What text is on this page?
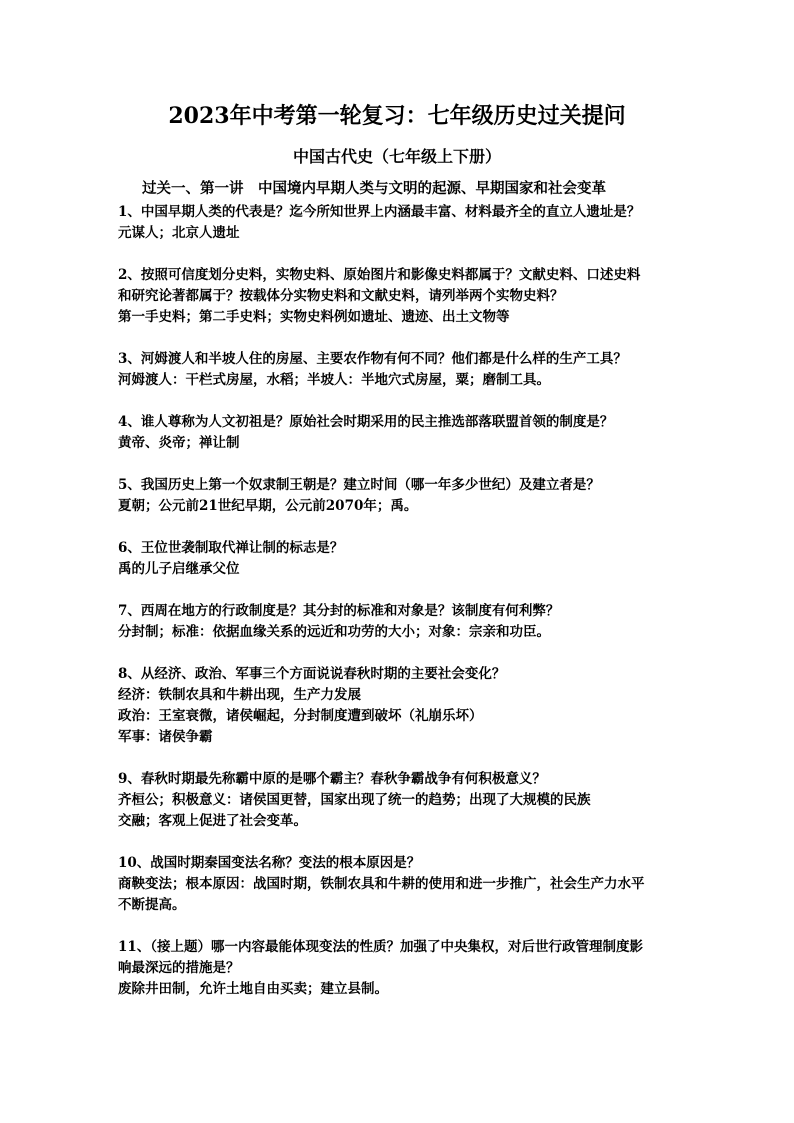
2023年中考第一轮复习：七年级历史过关提问
中国古代史（七年级上下册）
过关一、第一讲　中国境内早期人类与文明的起源、早期国家和社会变革
1、中国早期人类的代表是？迄今所知世界上内涵最丰富、材料最齐全的直立人遗址是？
元谋人；北京人遗址
2、按照可信度划分史料，实物史料、原始图片和影像史料都属于？文献史料、口述史料
和研究论著都属于？按载体分实物史料和文献史料，请列举两个实物史料？
第一手史料；第二手史料；实物史料例如遗址、遗迹、出土文物等
3、河姆渡人和半坡人住的房屋、主要农作物有何不同？他们都是什么样的生产工具？
河姆渡人：干栏式房屋，水稻；半坡人：半地穴式房屋，粟；磨制工具。
4、谁人尊称为人文初祖是？原始社会时期采用的民主推选部落联盟首领的制度是？
黄帝、炎帝；禅让制
5、我国历史上第一个奴隶制王朝是？建立时间（哪一年多少世纪）及建立者是？
夏朝；公元前21世纪早期，公元前2070年；禹。
6、王位世袭制取代禅让制的标志是？
禹的儿子启继承父位
7、西周在地方的行政制度是？其分封的标准和对象是？该制度有何利弊？
分封制；标准：依据血缘关系的远近和功劳的大小；对象：宗亲和功臣。
8、从经济、政治、军事三个方面说说春秋时期的主要社会变化？
经济：铁制农具和牛耕出现，生产力发展
政治：王室衰微，诸侯崛起，分封制度遭到破坏（礼崩乐坏）
军事：诸侯争霸
9、春秋时期最先称霸中原的是哪个霸主？春秋争霸战争有何积极意义？
齐桓公；积极意义：诸侯国更替，国家出现了统一的趋势；出现了大规模的民族
交融；客观上促进了社会变革。
10、战国时期秦国变法名称？变法的根本原因是？
商鞅变法；根本原因：战国时期，铁制农具和牛耕的使用和进一步推广，社会生产力水平
不断提高。
11、（接上题）哪一内容最能体现变法的性质？加强了中央集权，对后世行政管理制度影
响最深远的措施是？
废除井田制，允许土地自由买卖；建立县制。
